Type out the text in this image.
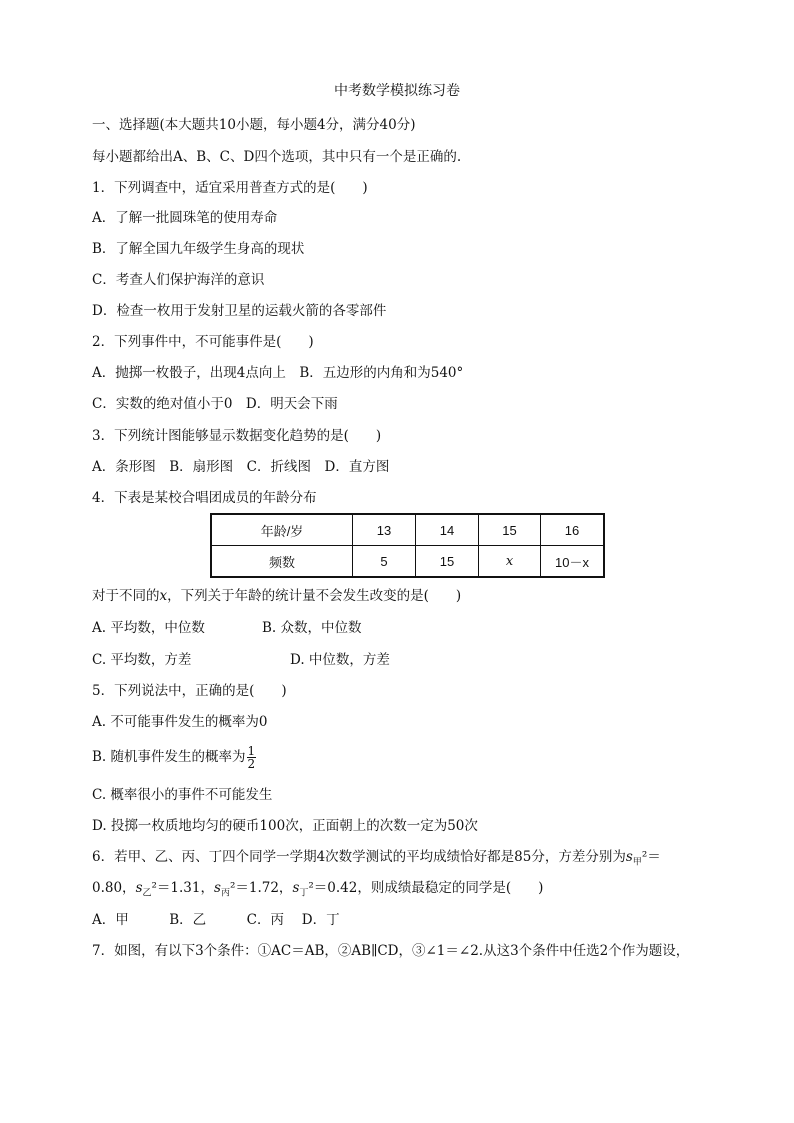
中考数学模拟练习卷
一、选择题(本大题共10小题，每小题4分，满分40分)
每小题都给出A、B、C、D四个选项，其中只有一个是正确的.
1．下列调查中，适宜采用普查方式的是(　　)
A．了解一批圆珠笔的使用寿命
B．了解全国九年级学生身高的现状
C．考查人们保护海洋的意识
D．检查一枚用于发射卫星的运载火箭的各零部件
2．下列事件中，不可能事件是(　　)
A．抛掷一枚骰子，出现4点向上　B．五边形的内角和为540°
C．实数的绝对值小于0　D．明天会下雨
3．下列统计图能够显示数据变化趋势的是(　　)
A．条形图　B．扇形图　C．折线图　D．直方图
4．下表是某校合唱团成员的年龄分布
年龄/岁	13	14	15	16
频数	5	15	x	10－x
对于不同的x，下列关于年龄的统计量不会发生改变的是(　　)
A. 平均数，中位数	B. 众数，中位数
C. 平均数，方差	D. 中位数，方差
5．下列说法中，正确的是(　　)
A. 不可能事件发生的概率为0
B. 随机事件发生的概率为 $\frac{1}{2}$
C. 概率很小的事件不可能发生
D. 投掷一枚质地均匀的硬币100次，正面朝上的次数一定为50次
6．若甲、乙、丙、丁四个同学一学期4次数学测试的平均成绩恰好都是85分，方差分别为$s_甲^2=$
0.80，$s_乙^2=1.31$，$s_丙^2=1.72$，$s_丁^2=0.42$，则成绩最稳定的同学是(　　)
A．甲　　　B．乙　　　C．丙　 D．丁
7．如图，有以下3个条件：①AC＝AB，②AB∥CD，③∠1＝∠2.从这3个条件中任选2个作为题设，
